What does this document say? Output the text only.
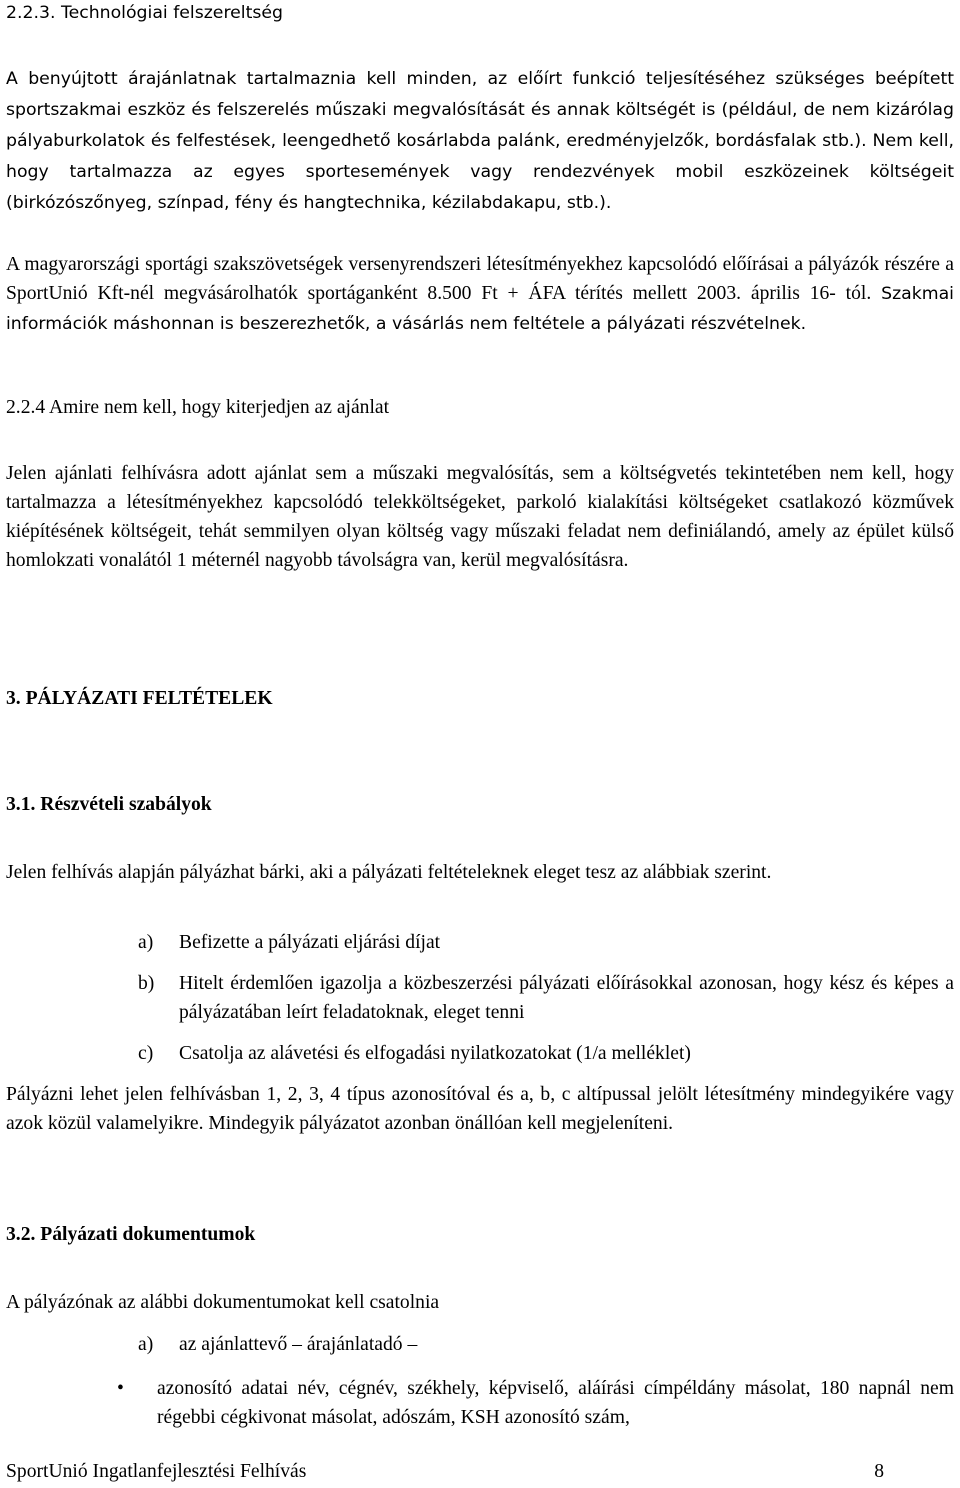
2.2.3. Technológiai felszereltség
A benyújtott árajánlatnak tartalmaznia kell minden, az előírt funkció teljesítéséhez szükséges beépített sportszakmai eszköz és felszerelés műszaki megvalósítását és annak költségét is (például, de nem kizárólag pályaburkolatok és felfestések, leengedhető kosárlabda palánk, eredményjelzők, bordásfalak stb.). Nem kell, hogy tartalmazza az egyes sportesemények vagy rendezvények mobil eszközeinek költségeit (birkózószőnyeg, színpad, fény és hangtechnika, kézilabdakapu, stb.).
A magyarországi sportági szakszövetségek versenyrendszeri létesítményekhez kapcsolódó előírásai a pályázók részére a SportUnió Kft-nél megvásárolhatók sportáganként 8.500 Ft + ÁFA térítés mellett 2003. április 16- tól. Szakmai információk máshonnan is beszerezhetők, a vásárlás nem feltétele a pályázati részvételnek.
2.2.4 Amire nem kell, hogy kiterjedjen az ajánlat
Jelen ajánlati felhívásra adott ajánlat sem a műszaki megvalósítás, sem a költségvetés tekintetében nem kell, hogy tartalmazza a létesítményekhez kapcsolódó telekköltségeket, parkoló kialakítási költségeket csatlakozó közművek kiépítésének költségeit, tehát semmilyen olyan költség vagy műszaki feladat nem definiálandó, amely az épület külső homlokzati vonalától 1 méternél nagyobb távolságra van, kerül megvalósításra.
3. PÁLYÁZATI FELTÉTELEK
3.1. Részvételi szabályok
Jelen felhívás alapján pályázhat bárki, aki a pályázati feltételeknek eleget tesz az alábbiak szerint.
a) Befizette a pályázati eljárási díjat
b) Hitelt érdemlően igazolja a közbeszerzési pályázati előírásokkal azonosan, hogy kész és képes a pályázatában leírt feladatoknak, eleget tenni
c) Csatolja az alávetési és elfogadási nyilatkozatokat (1/a melléklet)
Pályázni lehet jelen felhívásban 1, 2, 3, 4 típus azonosítóval és a, b, c altípussal jelölt létesítmény mindegyikére vagy azok közül valamelyikre. Mindegyik pályázatot azonban önállóan kell megjeleníteni.
3.2. Pályázati dokumentumok
A pályázónak az alábbi dokumentumokat kell csatolnia
a) az ajánlattevő – árajánlatadó –
•	azonosító adatai név, cégnév, székhely, képviselő, aláírási címpéldány másolat, 180 napnál nem régebbi cégkivonat másolat, adószám, KSH azonosító szám,
SportUnió Ingatlanfejlesztési Felhívás	8
